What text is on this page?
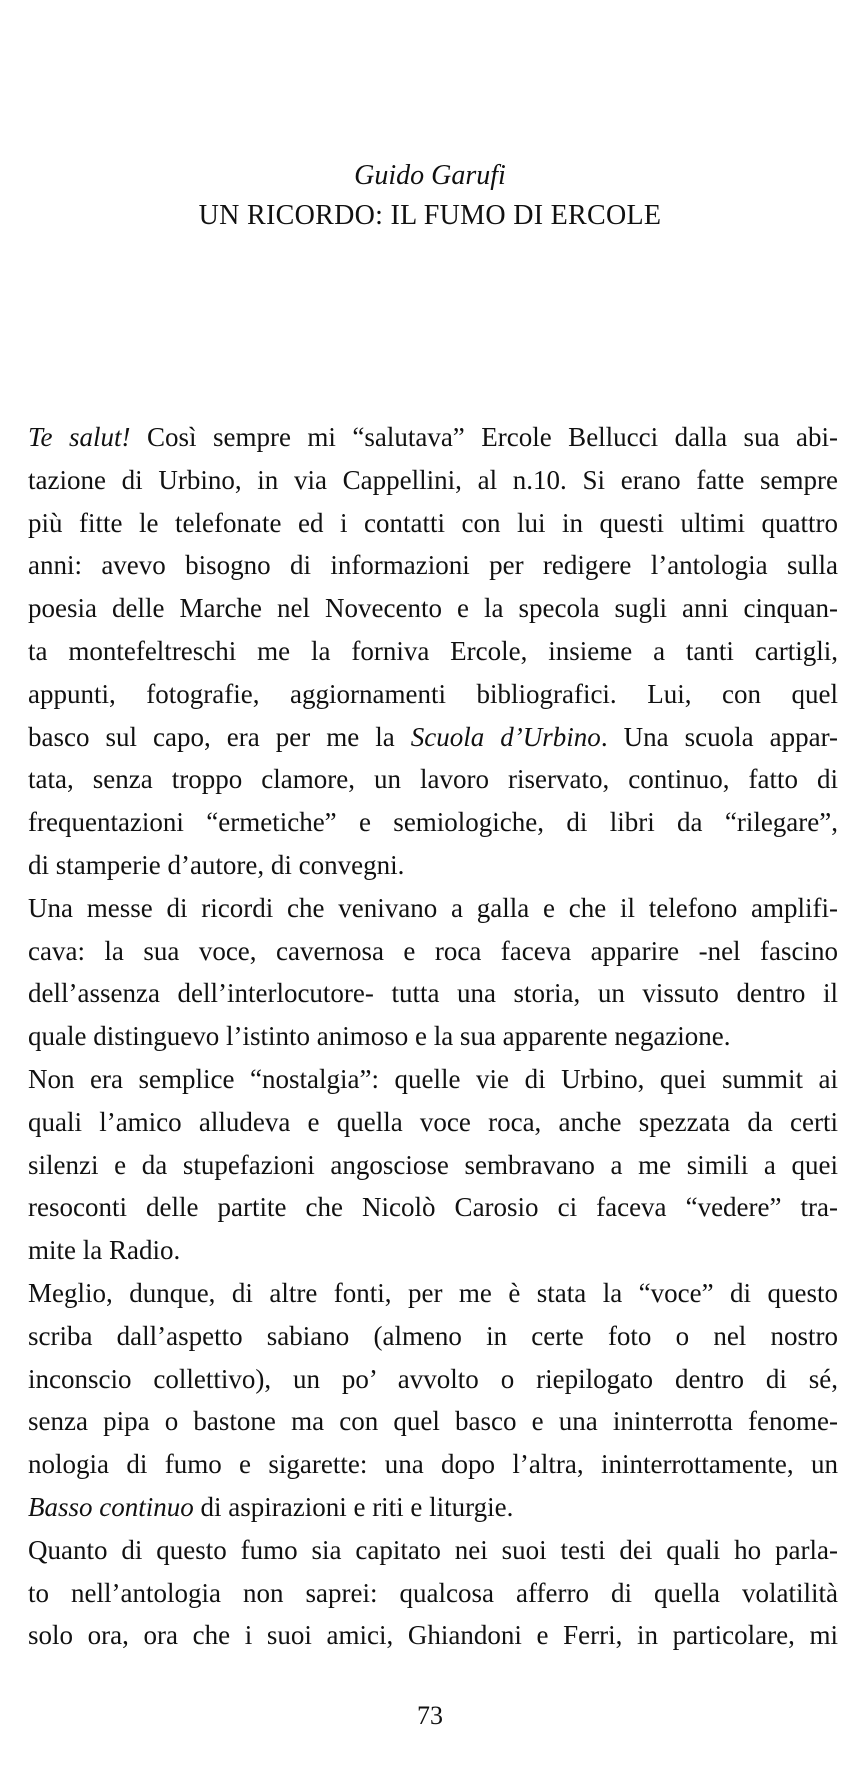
Guido Garufi
UN RICORDO: IL FUMO DI ERCOLE
Te salut! Così sempre mi “salutava” Ercole Bellucci dalla sua abi-
tazione di Urbino, in via Cappellini, al n.10. Si erano fatte sempre
più fitte le telefonate ed i contatti con lui in questi ultimi quattro
anni: avevo bisogno di informazioni per redigere l’antologia sulla
poesia delle Marche nel Novecento e la specola sugli anni cinquan-
ta montefeltreschi me la forniva Ercole, insieme a tanti cartigli,
appunti, fotografie, aggiornamenti bibliografici. Lui, con quel
basco sul capo, era per me la Scuola d’Urbino. Una scuola appar-
tata, senza troppo clamore, un lavoro riservato, continuo, fatto di
frequentazioni “ermetiche” e semiologiche, di libri da “rilegare”,
di stamperie d’autore, di convegni.
Una messe di ricordi che venivano a galla e che il telefono amplifi-
cava: la sua voce, cavernosa e roca faceva apparire -nel fascino
dell’assenza dell’interlocutore- tutta una storia, un vissuto dentro il
quale distinguevo l’istinto animoso e la sua apparente negazione.
Non era semplice “nostalgia”: quelle vie di Urbino, quei summit ai
quali l’amico alludeva e quella voce roca, anche spezzata da certi
silenzi e da stupefazioni angosciose sembravano a me simili a quei
resoconti delle partite che Nicolò Carosio ci faceva “vedere” tra-
mite la Radio.
Meglio, dunque, di altre fonti, per me è stata la “voce” di questo
scriba dall’aspetto sabiano (almeno in certe foto o nel nostro
inconscio collettivo), un po’ avvolto o riepilogato dentro di sé,
senza pipa o bastone ma con quel basco e una ininterrotta fenome-
nologia di fumo e sigarette: una dopo l’altra, ininterrottamente, un
Basso continuo di aspirazioni e riti e liturgie.
Quanto di questo fumo sia capitato nei suoi testi dei quali ho parla-
to nell’antologia non saprei: qualcosa afferro di quella volatilità
solo ora, ora che i suoi amici, Ghiandoni e Ferri, in particolare, mi
73
